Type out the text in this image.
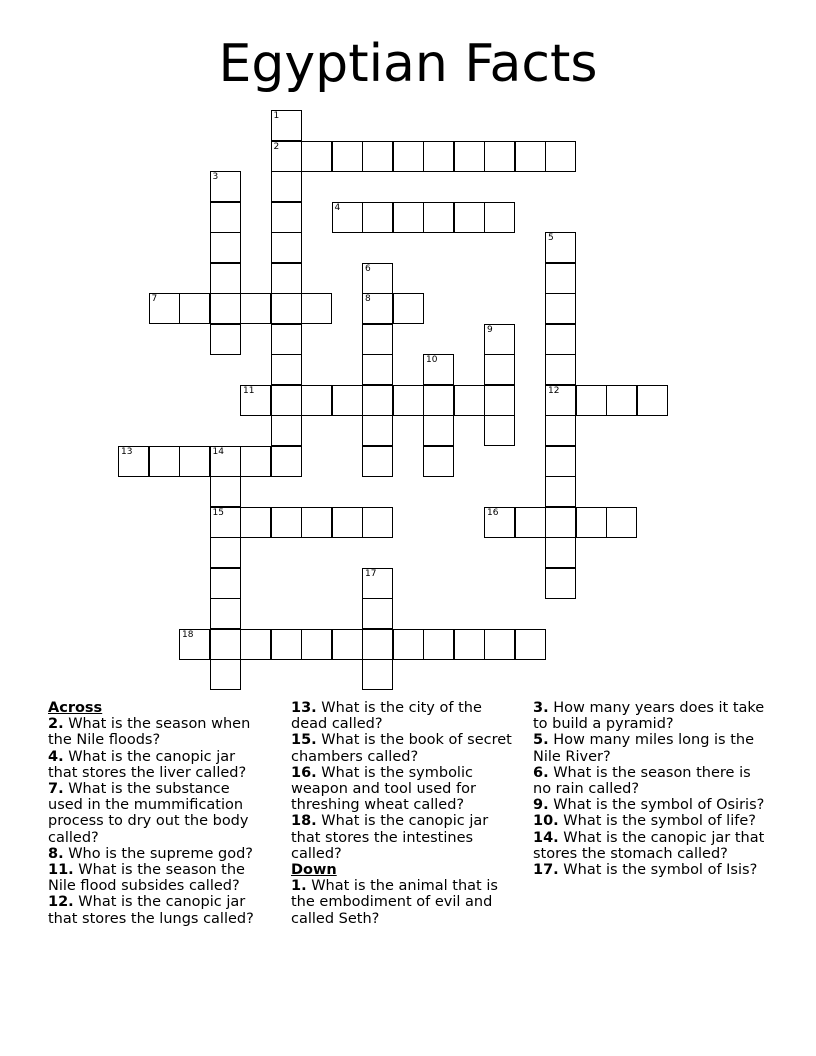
Egyptian Facts
1
2
3
4
5
12
6
8
7
9
10
11
13	14
15	16
17
18

Across

2. What is the season when the Nile floods?

4. What is the canopic jar that stores the liver called?

7. What is the substance used in the mummification process to dry out the body called?

8. Who is the supreme god?

11. What is the season the Nile flood subsides called?

12. What is the canopic jar that stores the lungs called?

13. What is the city of the dead called?

15. What is the book of secret chambers called?

16. What is the symbolic weapon and tool used for threshing wheat called?

18. What is the canopic jar that stores the intestines called?

Down

1. What is the animal that is the embodiment of evil and called Seth?

3. How many years does it take to build a pyramid?

5. How many miles long is the Nile River?

6. What is the season there is no rain called?

9. What is the symbol of Osiris?

10. What is the symbol of life?

14. What is the canopic jar that stores the stomach called?

17. What is the symbol of Isis?
